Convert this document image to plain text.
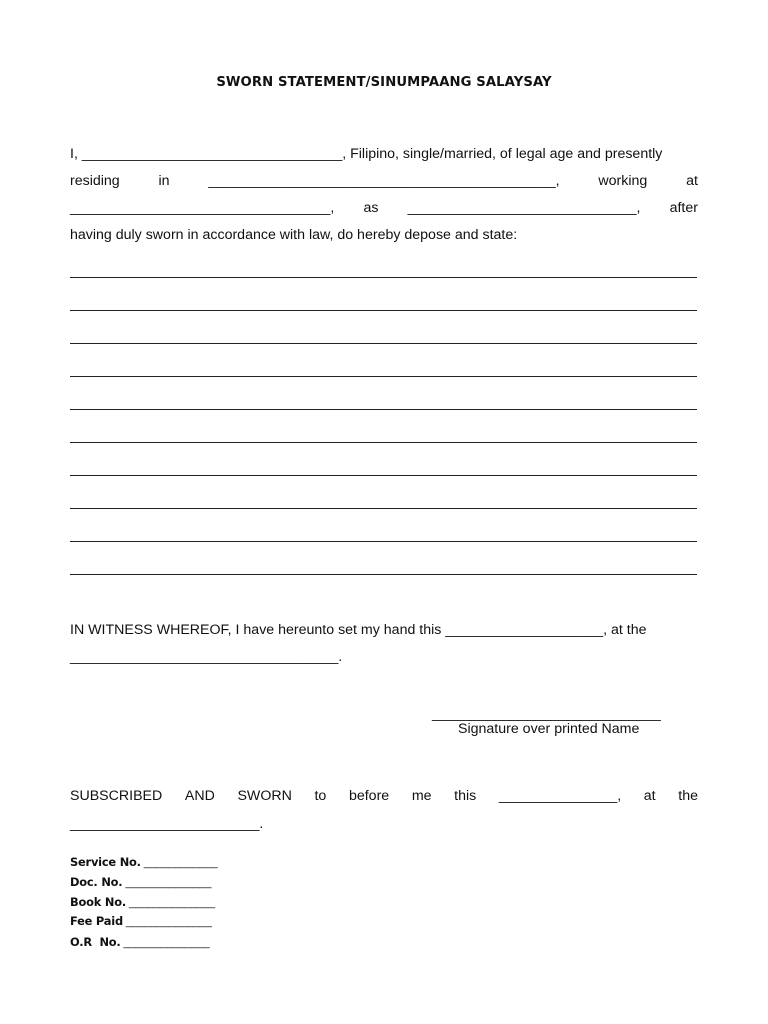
SWORN STATEMENT/SINUMPAANG SALAYSAY
I, _________________________________, Filipino, single/married, of legal age and presently
residing	in	____________________________________________,	working	at
_________________________________, as _____________________________, after
having duly sworn in accordance with law, do hereby depose and state:
IN WITNESS WHEREOF, I have hereunto set my hand this ____________________, at the
__________________________________.
_____________________________
Signature over printed Name
SUBSCRIBED AND SWORN to before me this _______________, at the
________________________.
Service No. ____________
Doc. No. ______________
Book No. ______________
Fee Paid ______________
O.R  No. ______________
